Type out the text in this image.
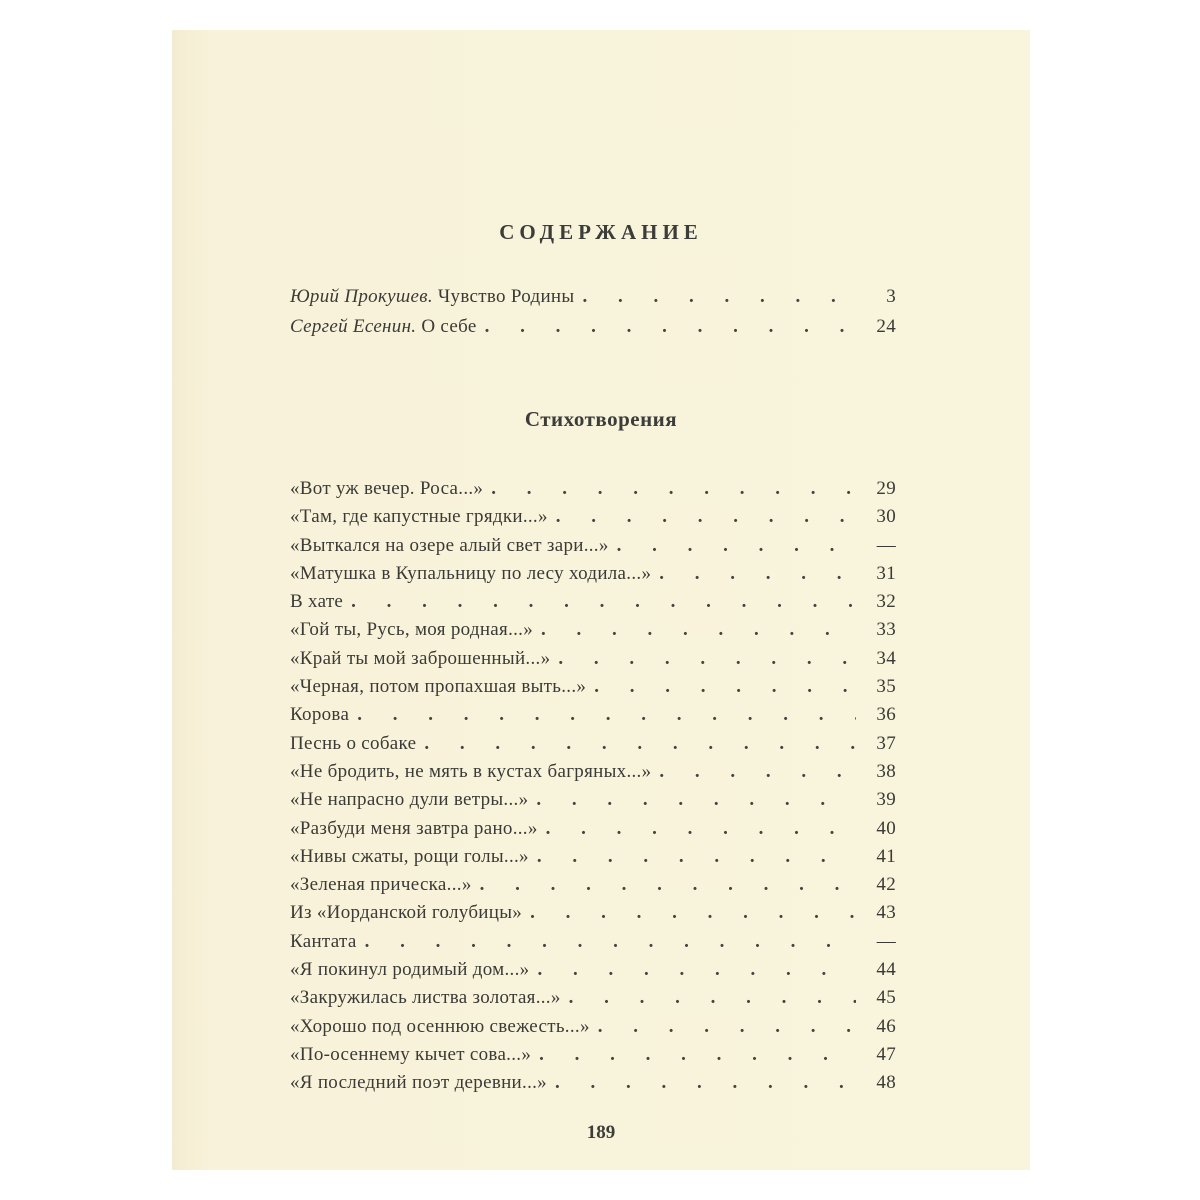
СОДЕРЖАНИЕ
Юрий Прокушев. Чувство Родины . . .	3
Сергей Есенин. О себе . . .	24
Стихотворения
«Вот уж вечер. Роса...» . . .	29
«Там, где капустные грядки...» . . .	30
«Выткался на озере алый свет зари...» . . .	—
«Матушка в Купальницу по лесу ходила...» . . .	31
В хате . . .	32
«Гой ты, Русь, моя родная...» . . .	33
«Край ты мой заброшенный...» . . .	34
«Черная, потом пропахшая выть...» . . .	35
Корова . . .	36
Песнь о собаке . . .	37
«Не бродить, не мять в кустах багряных...» . . .	38
«Не напрасно дули ветры...» . . .	39
«Разбуди меня завтра рано...» . . .	40
«Нивы сжаты, рощи голы...» . . .	41
«Зеленая прическа...» . . .	42
Из «Иорданской голубицы» . . .	43
Кантата . . .	—
«Я покинул родимый дом...» . . .	44
«Закружилась листва золотая...» . . .	45
«Хорошо под осеннюю свежесть...» . . .	46
«По-осеннему кычет сова...» . . .	47
«Я последний поэт деревни...» . . .	48
189
